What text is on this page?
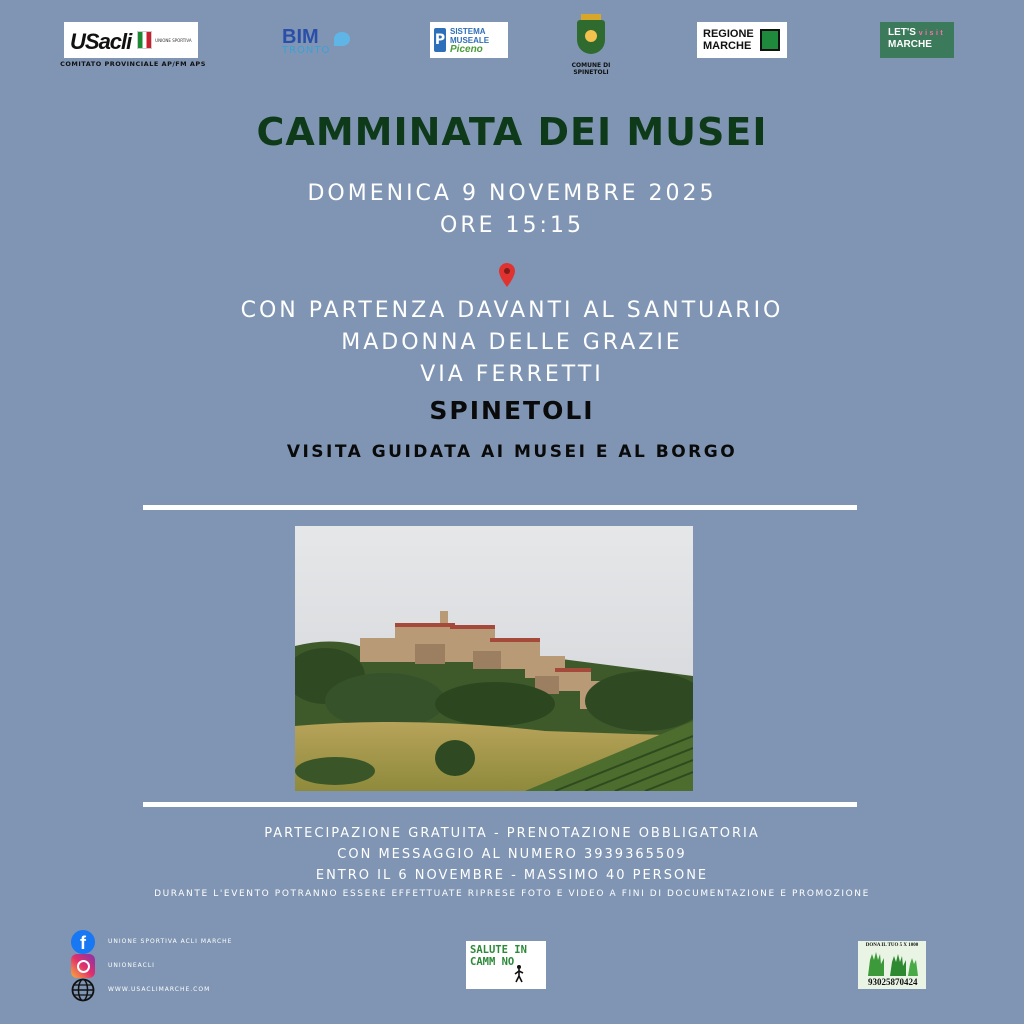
USacli	UNIONE SPORTIVA
COMITATO PROVINCIALE AP/FM APS
BIM
TRONTO
P
SISTEMA
MUSEALE
Piceno
COMUNE DI
SPINETOLI
REGIONE
MARCHE
LET'S visit
MARCHE
CAMMINATA DEI MUSEI
DOMENICA 9 NOVEMBRE 2025
ORE 15:15
CON PARTENZA DAVANTI AL SANTUARIO
MADONNA DELLE GRAZIE
VIA FERRETTI
SPINETOLI
VISITA GUIDATA AI MUSEI E AL BORGO
PARTECIPAZIONE GRATUITA - PRENOTAZIONE OBBLIGATORIA
CON MESSAGGIO AL NUMERO 3939365509
ENTRO IL 6 NOVEMBRE - MASSIMO 40 PERSONE
DURANTE L'EVENTO POTRANNO ESSERE EFFETTUATE RIPRESE FOTO E VIDEO A FINI DI DOCUMENTAZIONE E PROMOZIONE
f	UNIONE SPORTIVA ACLI MARCHE
UNIONEACLI
WWW.USACLIMARCHE.COM
SALUTE IN
CAMM NO
DONA IL TUO 5 X 1000
93025870424
